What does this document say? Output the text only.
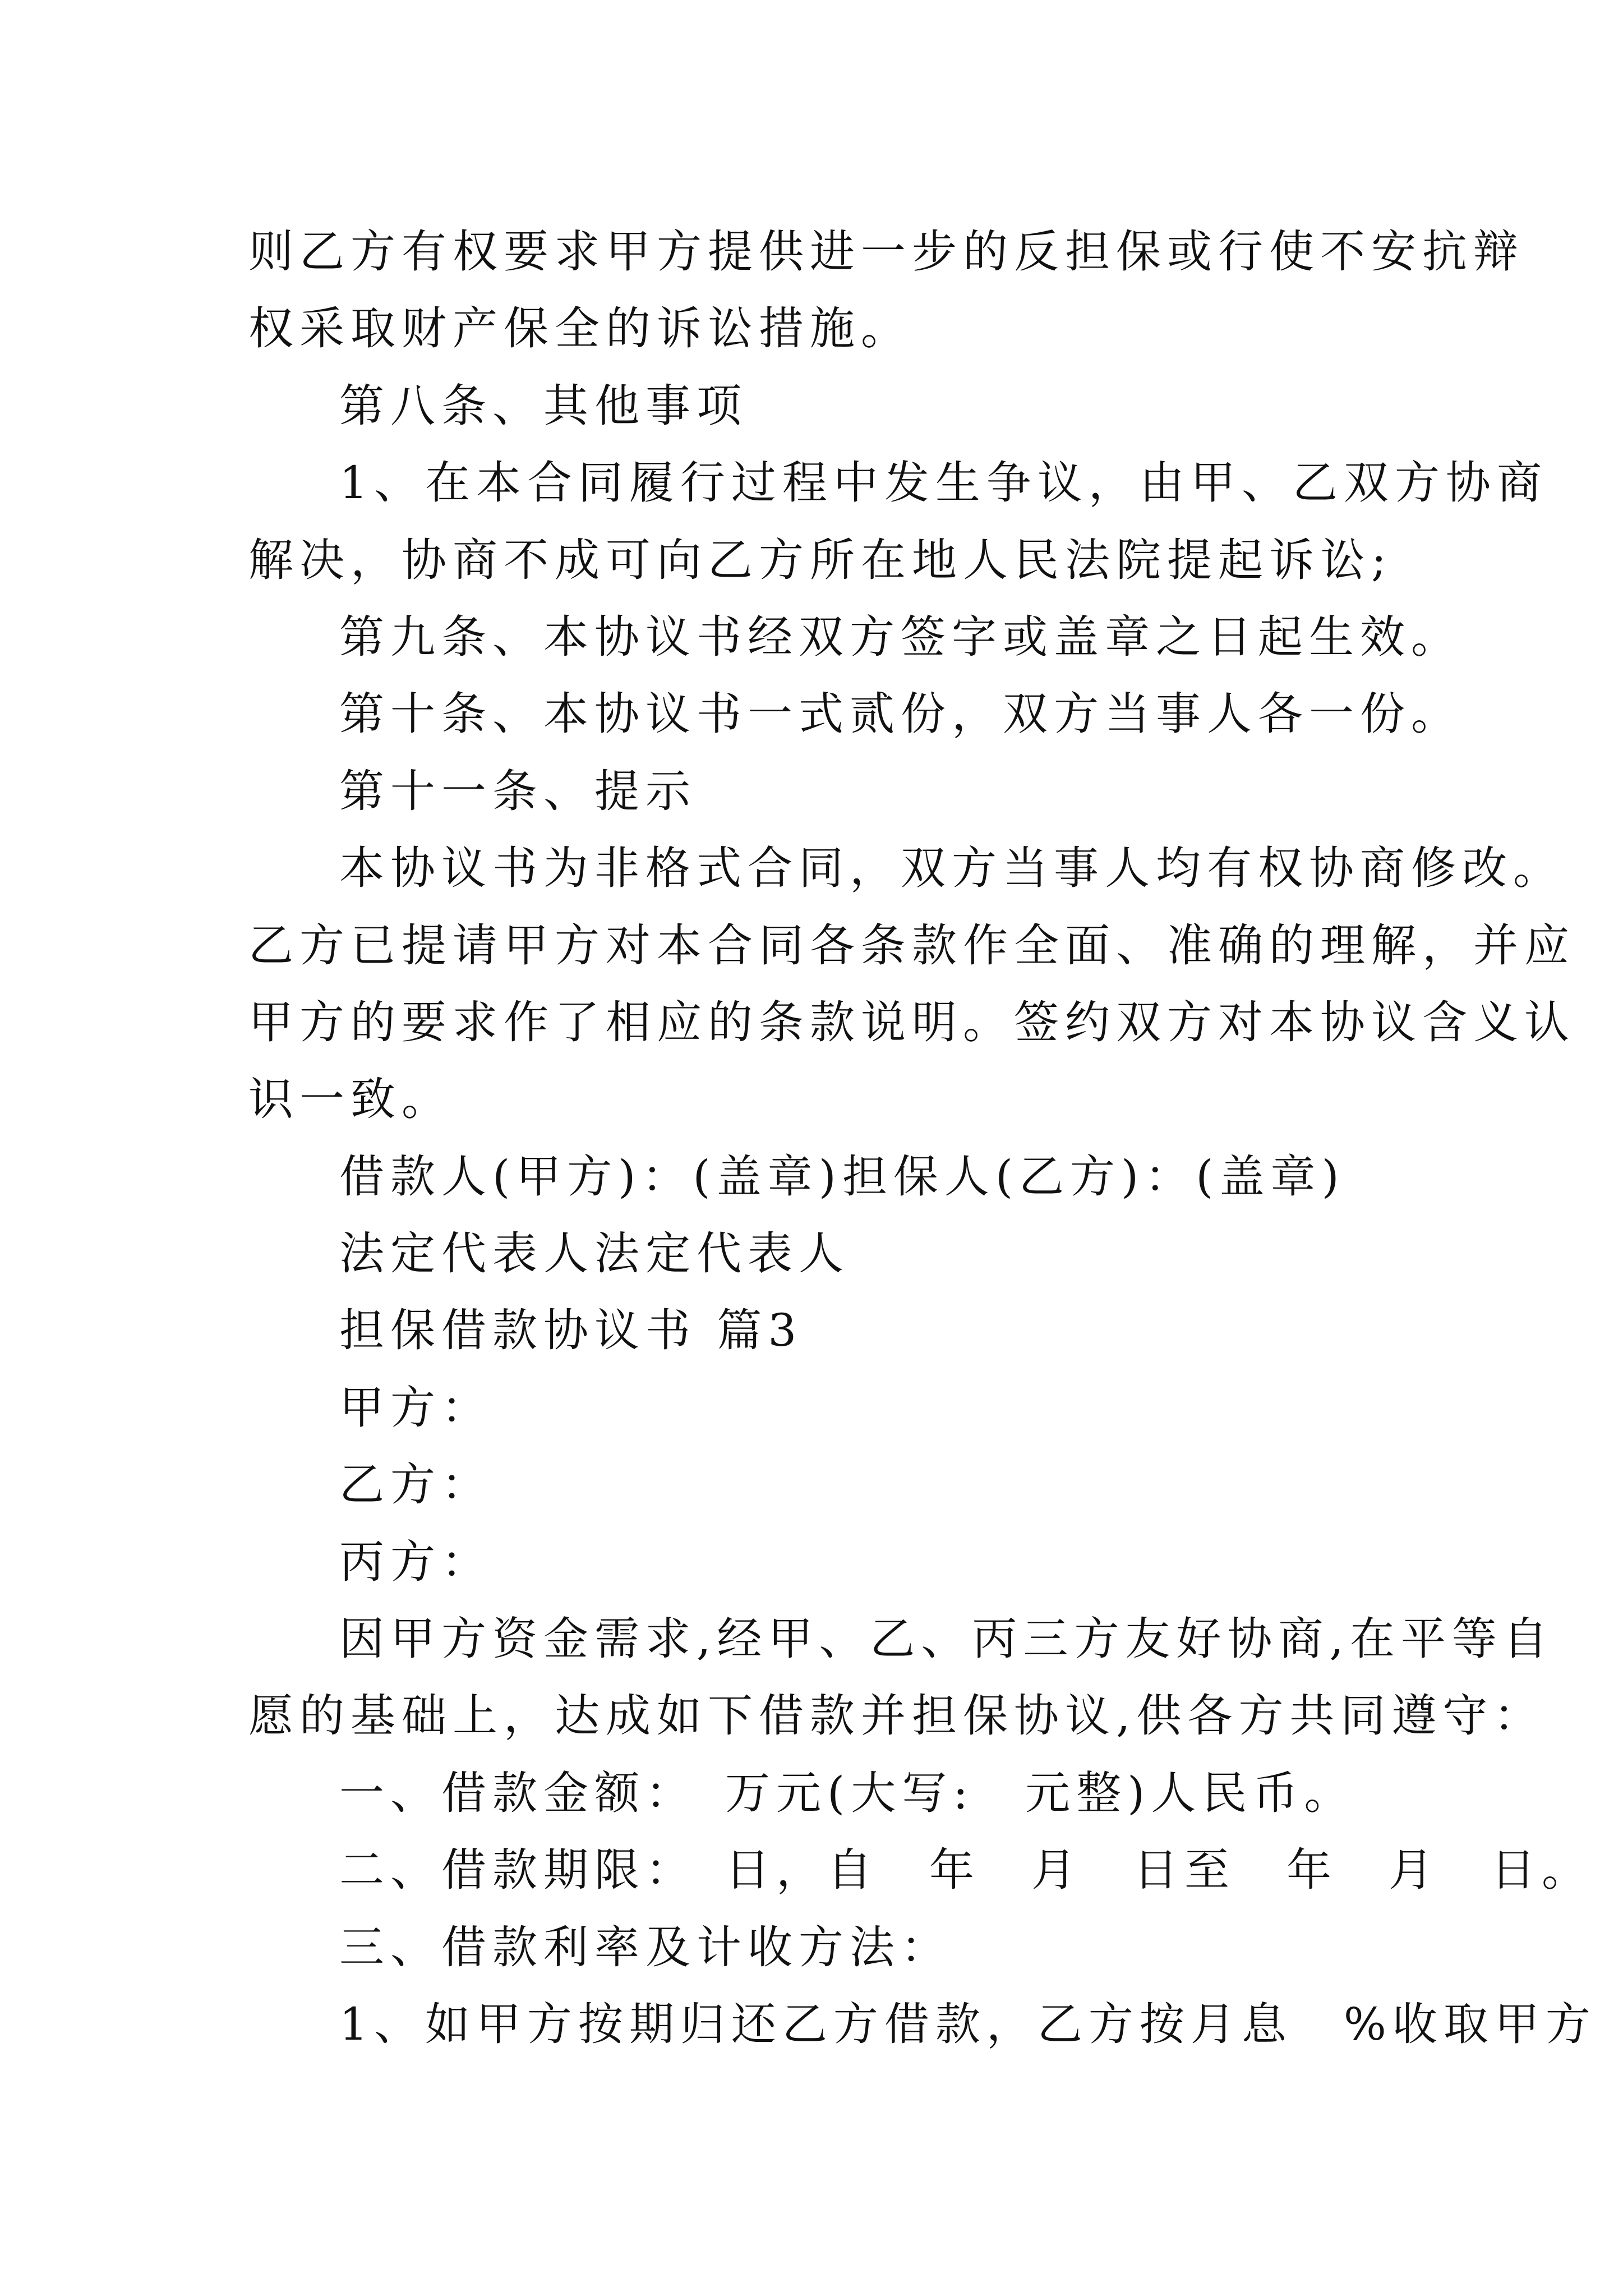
则乙方有权要求甲方提供进一步的反担保或行使不安抗辩
权采取财产保全的诉讼措施。
第八条、其他事项
1、在本合同履行过程中发生争议，由甲、乙双方协商
解决，协商不成可向乙方所在地人民法院提起诉讼;
第九条、本协议书经双方签字或盖章之日起生效。
第十条、本协议书一式贰份，双方当事人各一份。
第十一条、提示
本协议书为非格式合同，双方当事人均有权协商修改。
乙方已提请甲方对本合同各条款作全面、准确的理解，并应
甲方的要求作了相应的条款说明。签约双方对本协议含义认
识一致。
借款人(甲方)：(盖章)担保人(乙方)：(盖章)
法定代表人法定代表人
担保借款协议书 篇3
甲方：
乙方：
丙方：
因甲方资金需求,经甲、乙、丙三方友好协商,在平等自
愿的基础上，达成如下借款并担保协议,供各方共同遵守：
一、借款金额：　万元(大写:　元整)人民币。
二、借款期限：　日，自　年　月　日至　年　月　日。
三、借款利率及计收方法：
1、如甲方按期归还乙方借款，乙方按月息　%收取甲方
